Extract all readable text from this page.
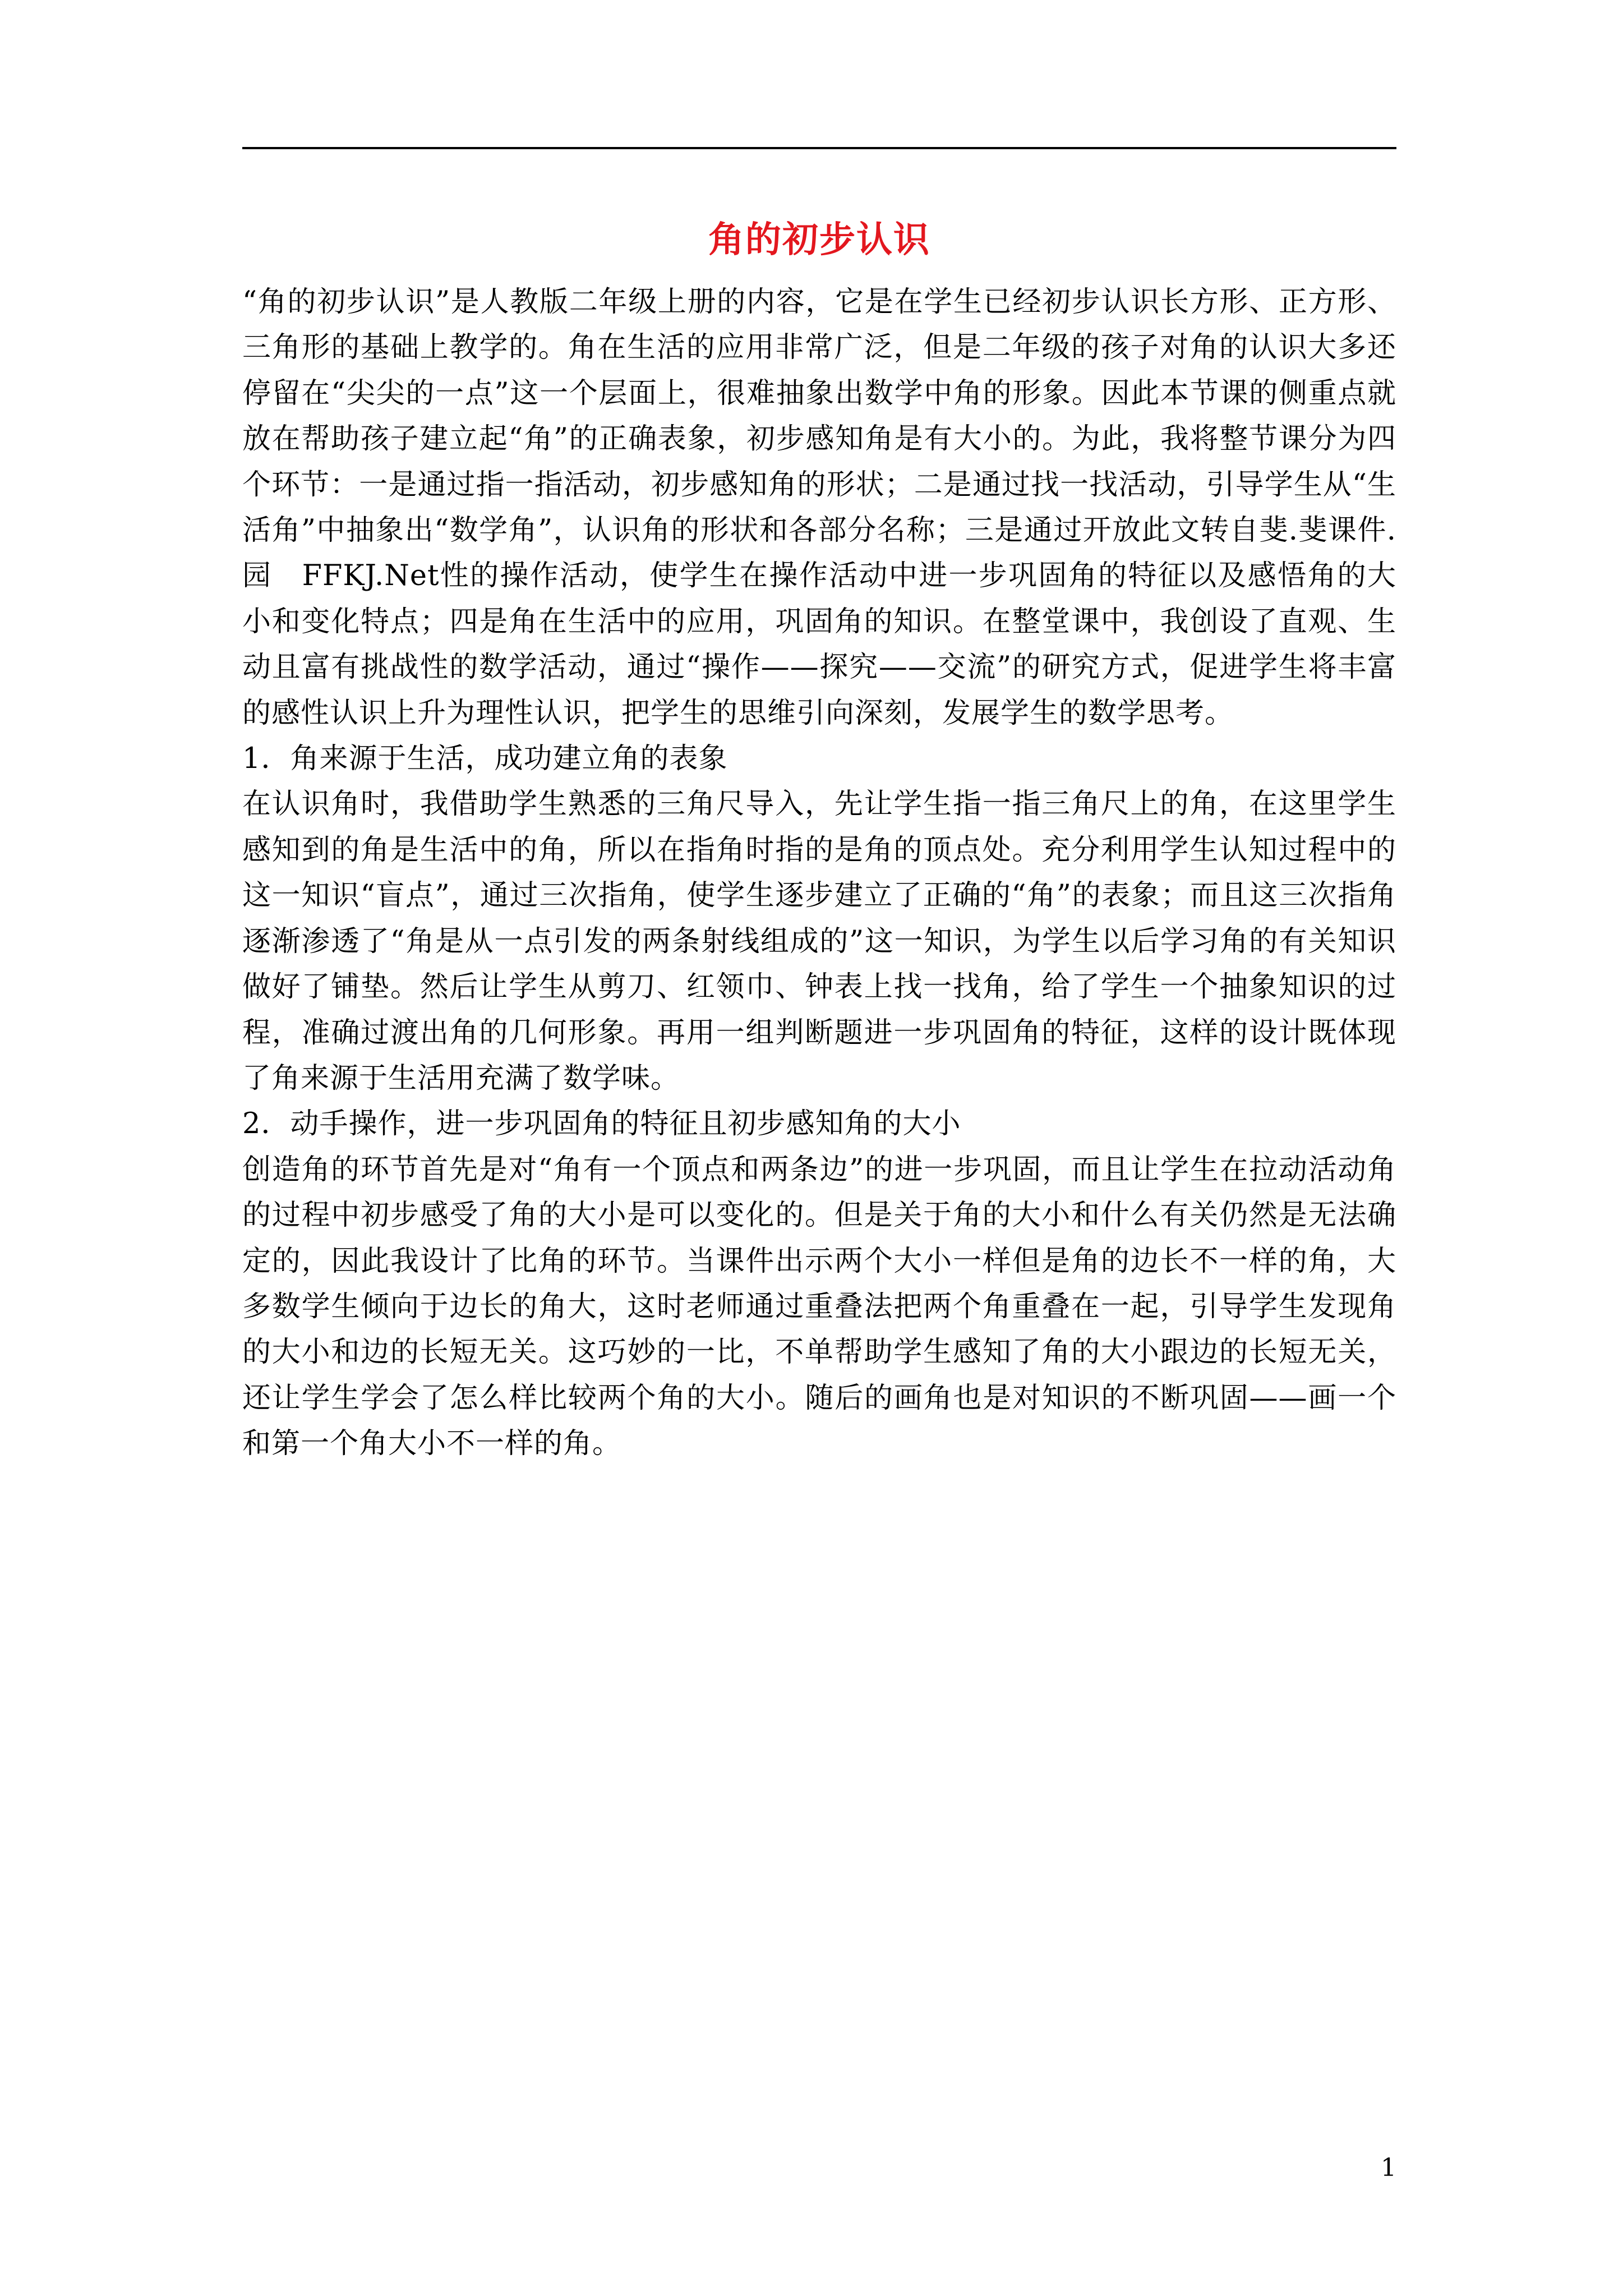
角的初步认识

“角的初步认识”是人教版二年级上册的内容，它是在学生已经初步认识长方形、正方形、三角形的基础上教学的。角在生活的应用非常广泛，但是二年级的孩子对角的认识大多还停留在“尖尖的一点”这一个层面上，很难抽象出数学中角的形象。因此本节课的侧重点就放在帮助孩子建立起“角”的正确表象，初步感知角是有大小的。为此，我将整节课分为四个环节：一是通过指一指活动，初步感知角的形状；二是通过找一找活动，引导学生从“生活角”中抽象出“数学角”，认识角的形状和各部分名称；三是通过开放此文转自斐.斐课件.园　FFKJ.Net性的操作活动，使学生在操作活动中进一步巩固角的特征以及感悟角的大小和变化特点；四是角在生活中的应用，巩固角的知识。在整堂课中，我创设了直观、生动且富有挑战性的数学活动，通过“操作——探究——交流”的研究方式，促进学生将丰富的感性认识上升为理性认识，把学生的思维引向深刻，发展学生的数学思考。

1．角来源于生活，成功建立角的表象

在认识角时，我借助学生熟悉的三角尺导入，先让学生指一指三角尺上的角，在这里学生感知到的角是生活中的角，所以在指角时指的是角的顶点处。充分利用学生认知过程中的这一知识“盲点”，通过三次指角，使学生逐步建立了正确的“角”的表象；而且这三次指角逐渐渗透了“角是从一点引发的两条射线组成的”这一知识，为学生以后学习角的有关知识做好了铺垫。然后让学生从剪刀、红领巾、钟表上找一找角，给了学生一个抽象知识的过程，准确过渡出角的几何形象。再用一组判断题进一步巩固角的特征，这样的设计既体现了角来源于生活用充满了数学味。

2．动手操作，进一步巩固角的特征且初步感知角的大小

创造角的环节首先是对“角有一个顶点和两条边”的进一步巩固，而且让学生在拉动活动角的过程中初步感受了角的大小是可以变化的。但是关于角的大小和什么有关仍然是无法确定的，因此我设计了比角的环节。当课件出示两个大小一样但是角的边长不一样的角，大多数学生倾向于边长的角大，这时老师通过重叠法把两个角重叠在一起，引导学生发现角的大小和边的长短无关。这巧妙的一比，不单帮助学生感知了角的大小跟边的长短无关，还让学生学会了怎么样比较两个角的大小。随后的画角也是对知识的不断巩固——画一个和第一个角大小不一样的角。

1
